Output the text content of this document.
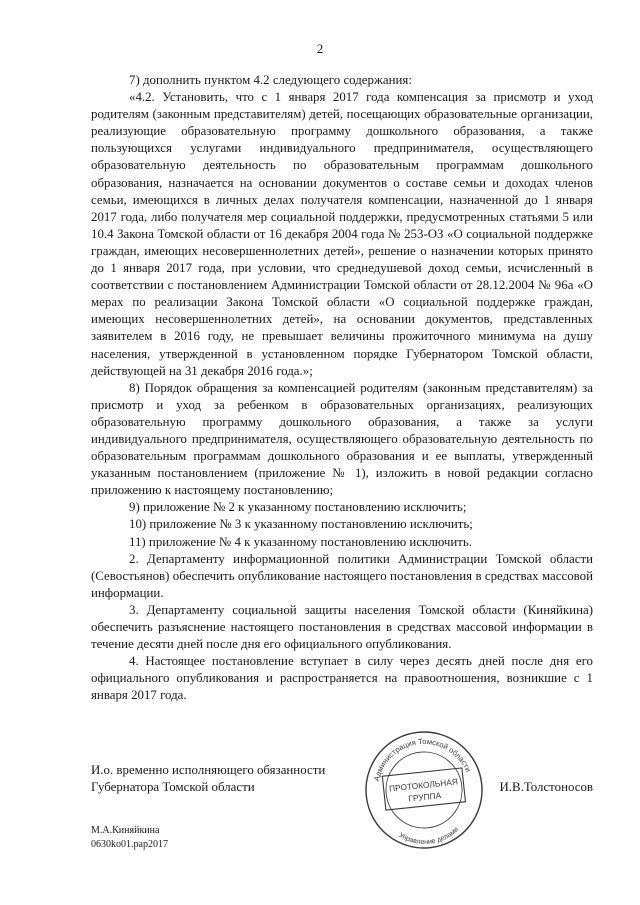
2

7) дополнить пунктом 4.2 следующего содержания:

«4.2. Установить, что с 1 января 2017 года компенсация за присмотр и уход родителям (законным представителям) детей, посещающих образовательные организации, реализующие образовательную программу дошкольного образования, а также пользующихся услугами индивидуального предпринимателя, осуществляющего образовательную деятельность по образовательным программам дошкольного образования, назначается на основании документов о составе семьи и доходах членов семьи, имеющихся в личных делах получателя компенсации, назначенной до 1 января 2017 года, либо получателя мер социальной поддержки, предусмотренных статьями 5 или 10.4 Закона Томской области от 16 декабря 2004 года № 253-ОЗ «О социальной поддержке граждан, имеющих несовершеннолетних детей», решение о назначении которых принято до 1 января 2017 года, при условии, что среднедушевой доход семьи, исчисленный в соответствии с постановлением Администрации Томской области от 28.12.2004 № 96а «О мерах по реализации Закона Томской области «О социальной поддержке граждан, имеющих несовершеннолетних детей», на основании документов, представленных заявителем в 2016 году, не превышает величины прожиточного минимума на душу населения, утвержденной в установленном порядке Губернатором Томской области, действующей на 31 декабря 2016 года.»;

8) Порядок обращения за компенсацией родителям (законным представителям) за присмотр и уход за ребенком в образовательных организациях, реализующих образовательную программу дошкольного образования, а также за услуги индивидуального предпринимателя, осуществляющего образовательную деятельность по образовательным программам дошкольного образования и ее выплаты, утвержденный указанным постановлением (приложение № 1), изложить в новой редакции согласно приложению к настоящему постановлению;

9) приложение № 2 к указанному постановлению исключить;

10) приложение № 3 к указанному постановлению исключить;

11) приложение № 4 к указанному постановлению исключить.

2. Департаменту информационной политики Администрации Томской области (Севостьянов) обеспечить опубликование настоящего постановления в средствах массовой информации.

3. Департаменту социальной защиты населения Томской области (Киняйкина) обеспечить разъяснение настоящего постановления в средствах массовой информации в течение десяти дней после дня его официального опубликования.

4. Настоящее постановление вступает в силу через десять дней после дня его официального опубликования и распространяется на правоотношения, возникшие с 1 января 2017 года.

И.о. временно исполняющего обязанности
Губернатора Томской области	И.В.Толстоносов
Администрация Томской области
ПРОТОКОЛЬНАЯ
ГРУППА
Управление делами
М.А.Киняйкина
0630ko01.pap2017
